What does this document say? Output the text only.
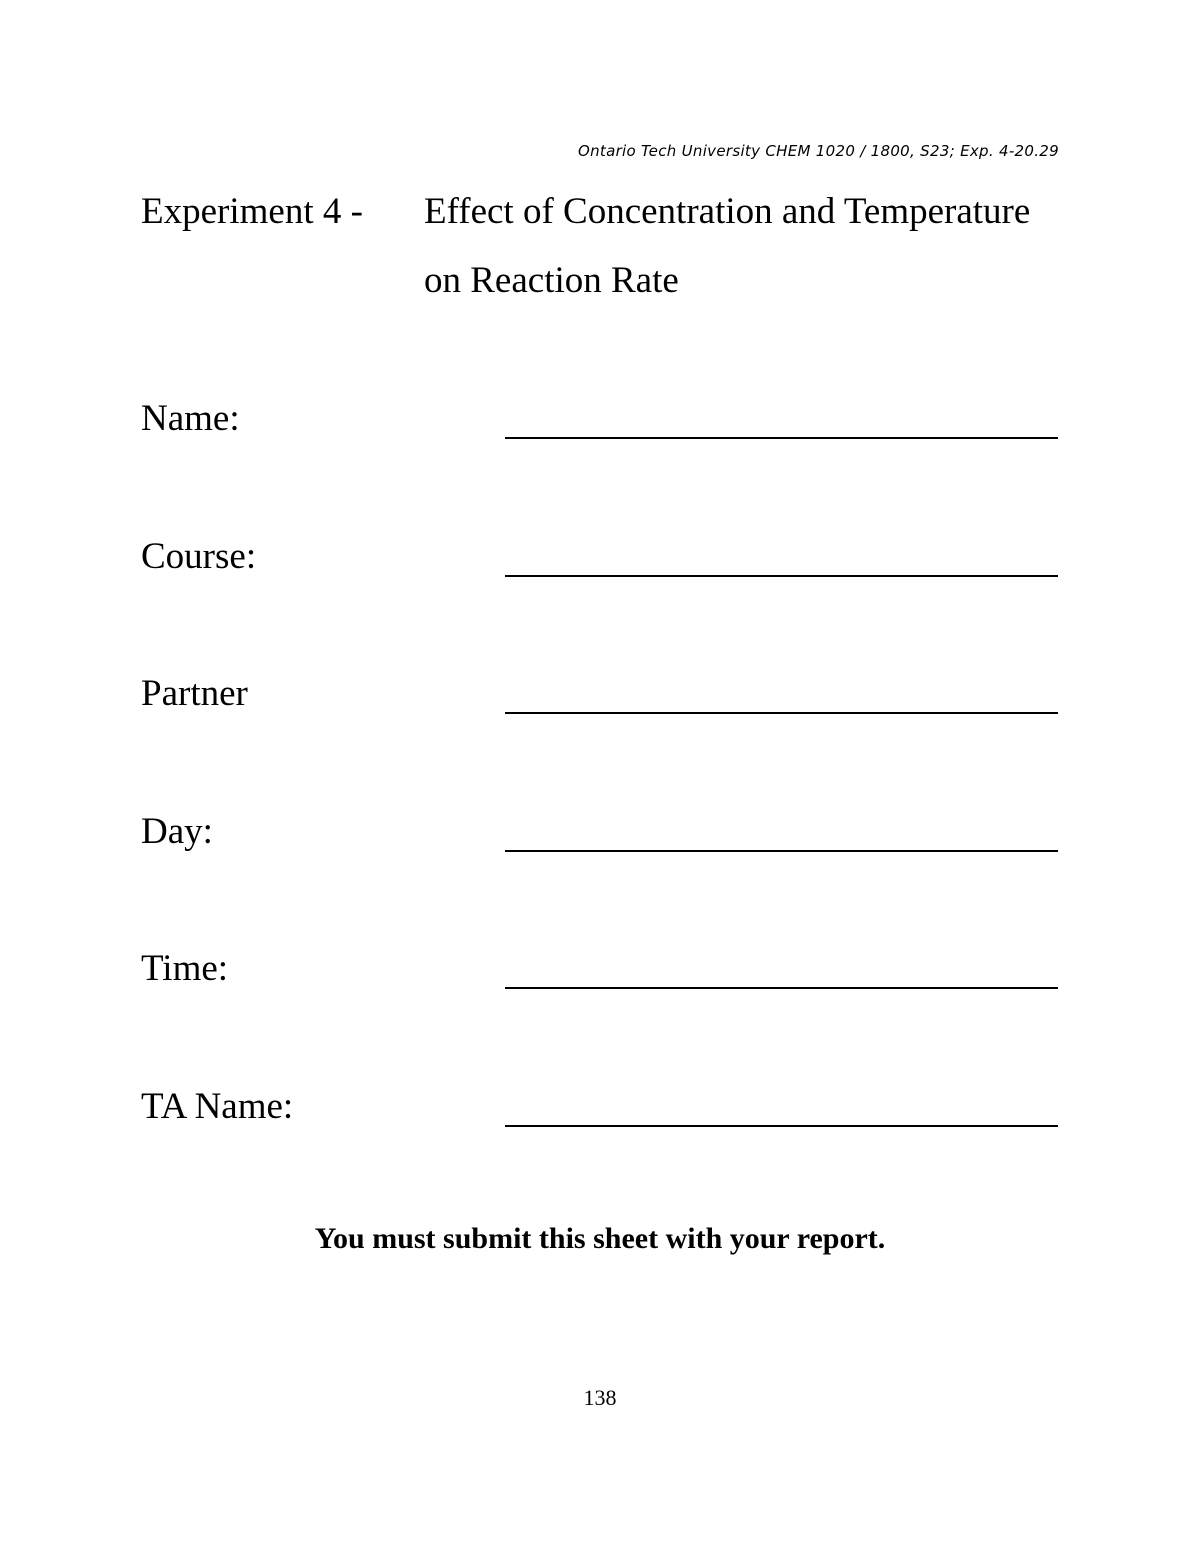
Ontario Tech University CHEM 1020 / 1800, S23; Exp. 4-20.29
Experiment 4 - Effect of Concentration and Temperature
on Reaction Rate
Name:
Course:
Partner
Day:
Time:
TA Name:
You must submit this sheet with your report.
138
